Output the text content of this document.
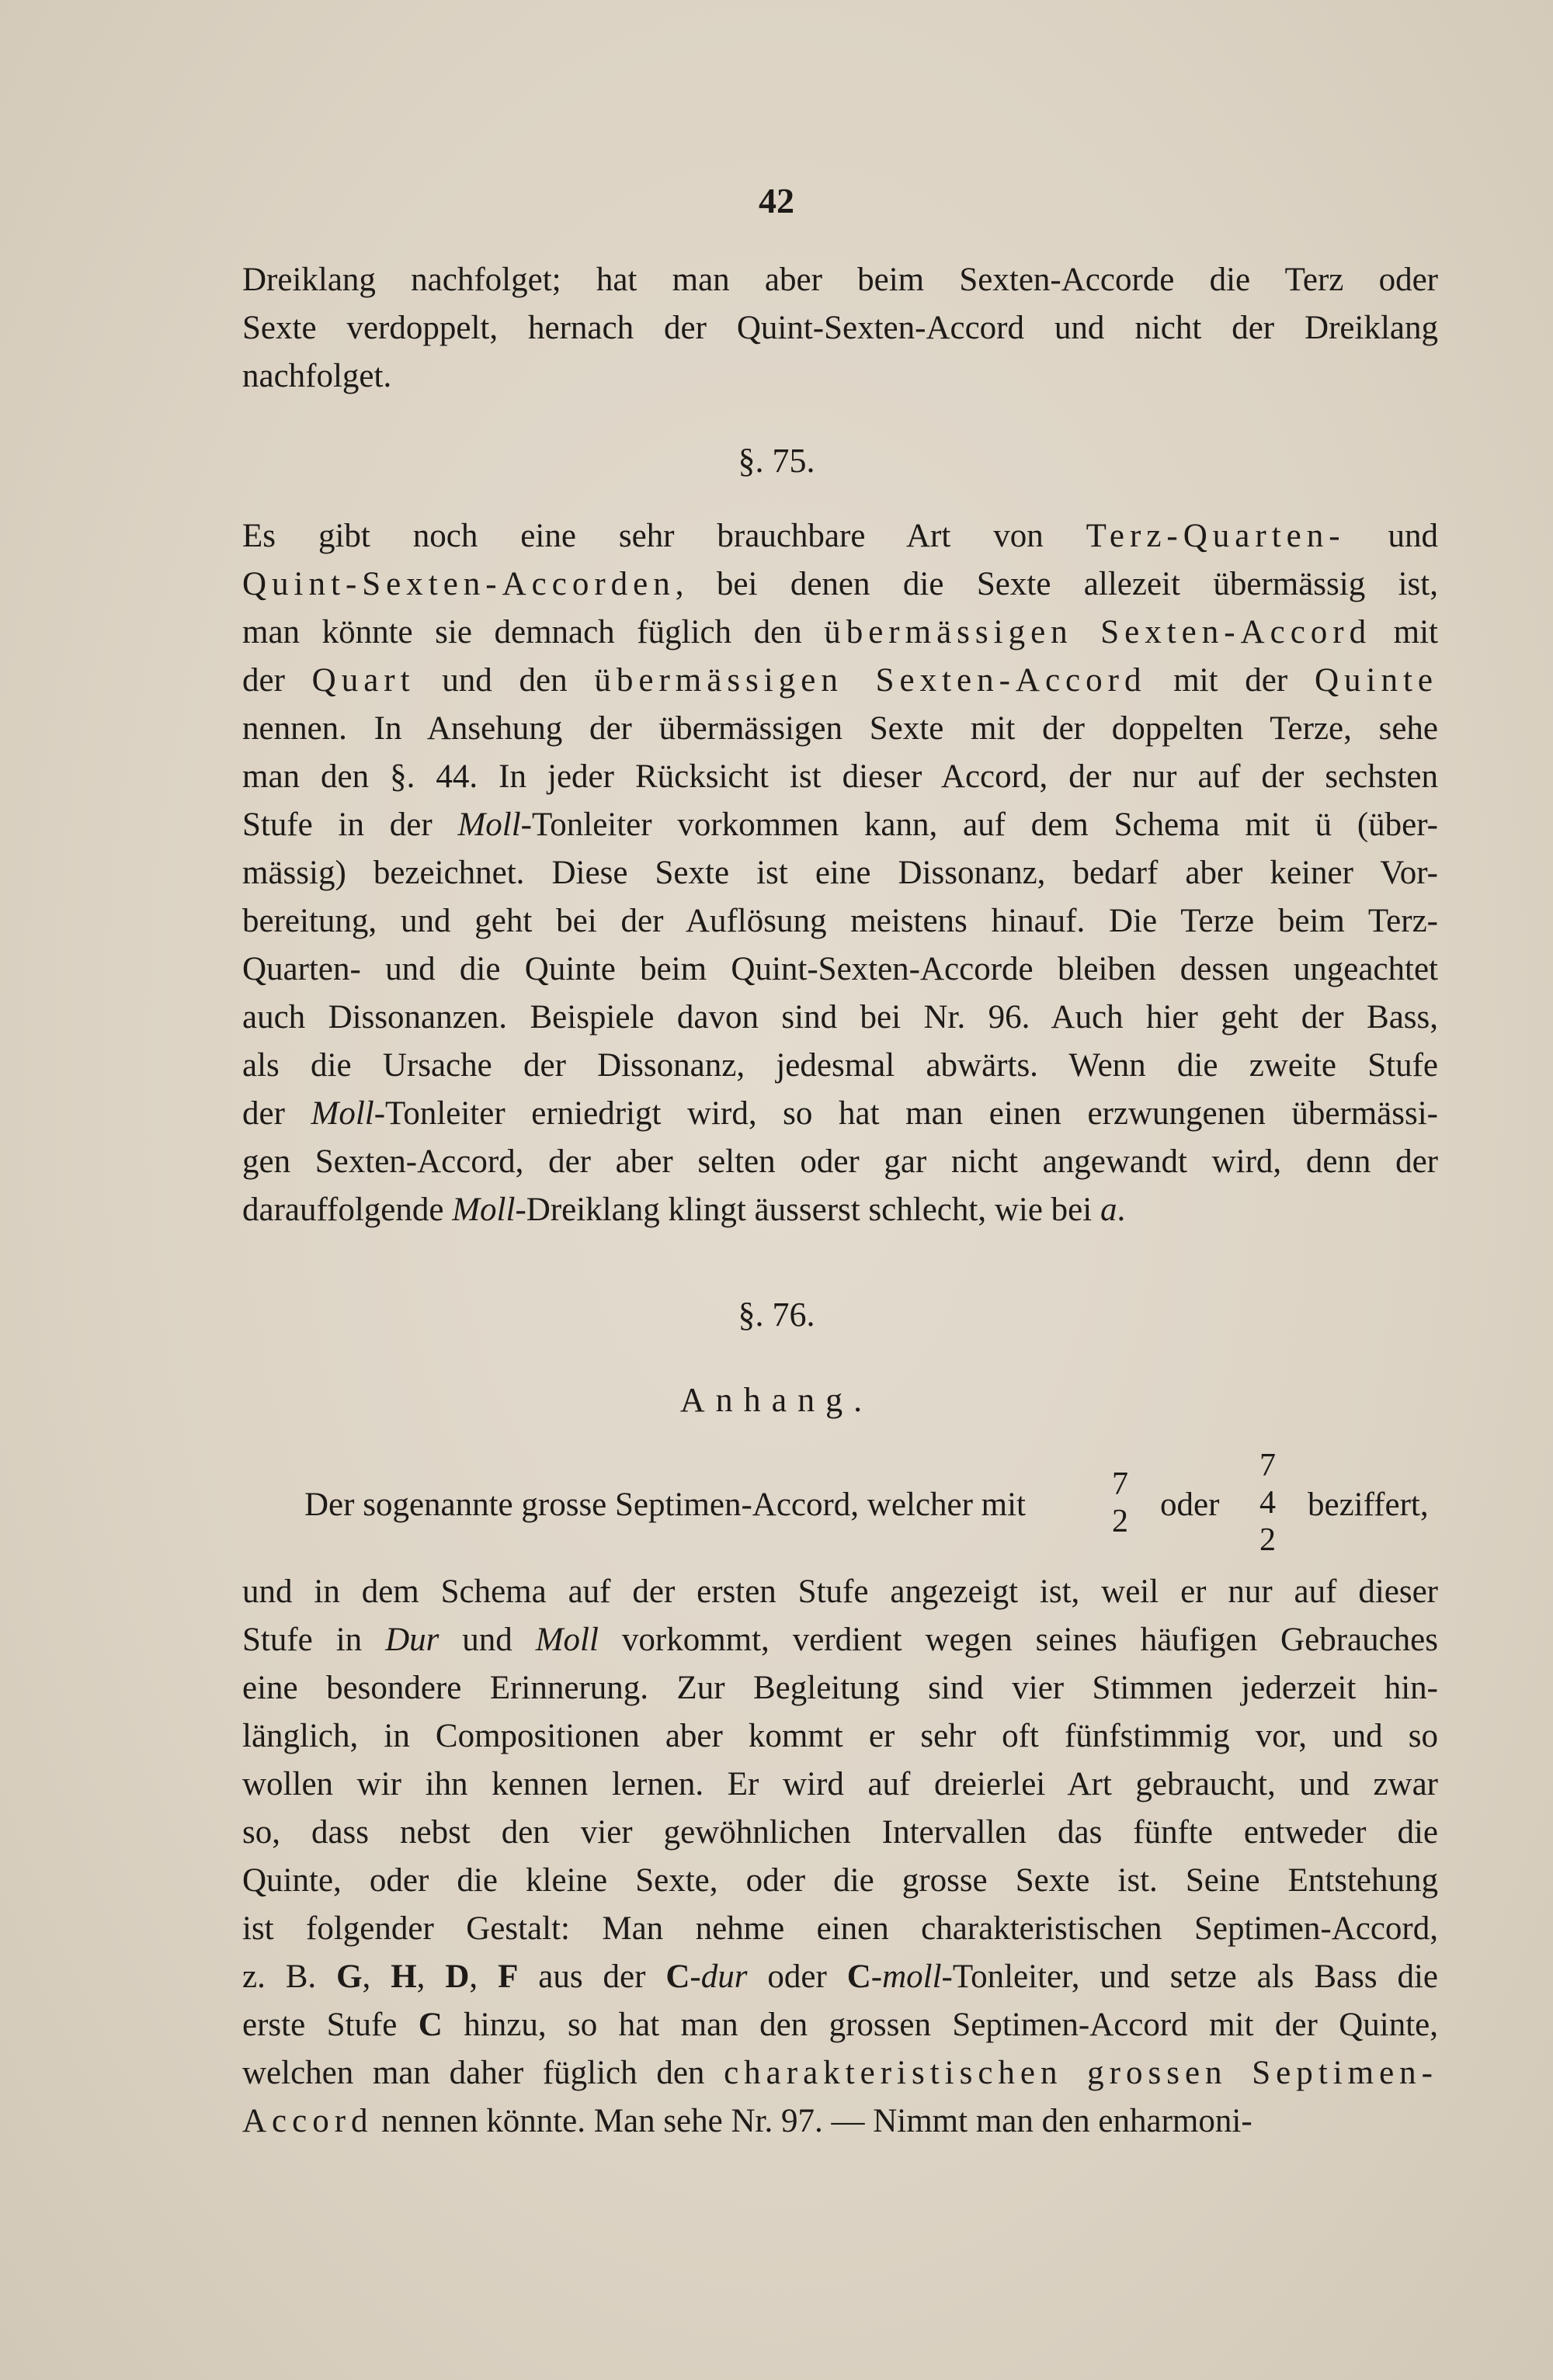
42
Dreiklang nachfolget; hat man aber beim Sexten-Accorde die Terz oder
Sexte verdoppelt, hernach der Quint-Sexten-Accord und nicht der Dreiklang
nachfolget.
§. 75.
Es gibt noch eine sehr brauchbare Art von Terz-Quarten- und
Quint-Sexten-Accorden, bei denen die Sexte allezeit übermässig ist,
man könnte sie demnach füglich den übermässigen Sexten-Accord mit
der Quart und den übermässigen Sexten-Accord mit der Quinte
nennen. In Ansehung der übermässigen Sexte mit der doppelten Terze, sehe
man den §. 44. In jeder Rücksicht ist dieser Accord, der nur auf der sechsten
Stufe in der Moll-Tonleiter vorkommen kann, auf dem Schema mit ü (über-
mässig) bezeichnet. Diese Sexte ist eine Dissonanz, bedarf aber keiner Vor-
bereitung, und geht bei der Auflösung meistens hinauf. Die Terze beim Terz-
Quarten- und die Quinte beim Quint-Sexten-Accorde bleiben dessen ungeachtet
auch Dissonanzen. Beispiele davon sind bei Nr. 96. Auch hier geht der Bass,
als die Ursache der Dissonanz, jedesmal abwärts. Wenn die zweite Stufe
der Moll-Tonleiter erniedrigt wird, so hat man einen erzwungenen übermässi-
gen Sexten-Accord, der aber selten oder gar nicht angewandt wird, denn der
darauffolgende Moll-Dreiklang klingt äusserst schlecht, wie bei a.
§. 76.
Anhang.
Der sogenannte grosse Septimen-Accord, welcher mit
7
2 oder
7
4
2
beziffert,
und in dem Schema auf der ersten Stufe angezeigt ist, weil er nur auf dieser
Stufe in Dur und Moll vorkommt, verdient wegen seines häufigen Gebrauches
eine besondere Erinnerung. Zur Begleitung sind vier Stimmen jederzeit hin-
länglich, in Compositionen aber kommt er sehr oft fünfstimmig vor, und so
wollen wir ihn kennen lernen. Er wird auf dreierlei Art gebraucht, und zwar
so, dass nebst den vier gewöhnlichen Intervallen das fünfte entweder die
Quinte, oder die kleine Sexte, oder die grosse Sexte ist. Seine Entstehung
ist folgender Gestalt: Man nehme einen charakteristischen Septimen-Accord,
z. B. G, H, D, F aus der C-dur oder C-moll-Tonleiter, und setze als Bass die
erste Stufe C hinzu, so hat man den grossen Septimen-Accord mit der Quinte,
welchen man daher füglich den charakteristischen grossen Septimen-
Accord nennen könnte. Man sehe Nr. 97. — Nimmt man den enharmoni-
